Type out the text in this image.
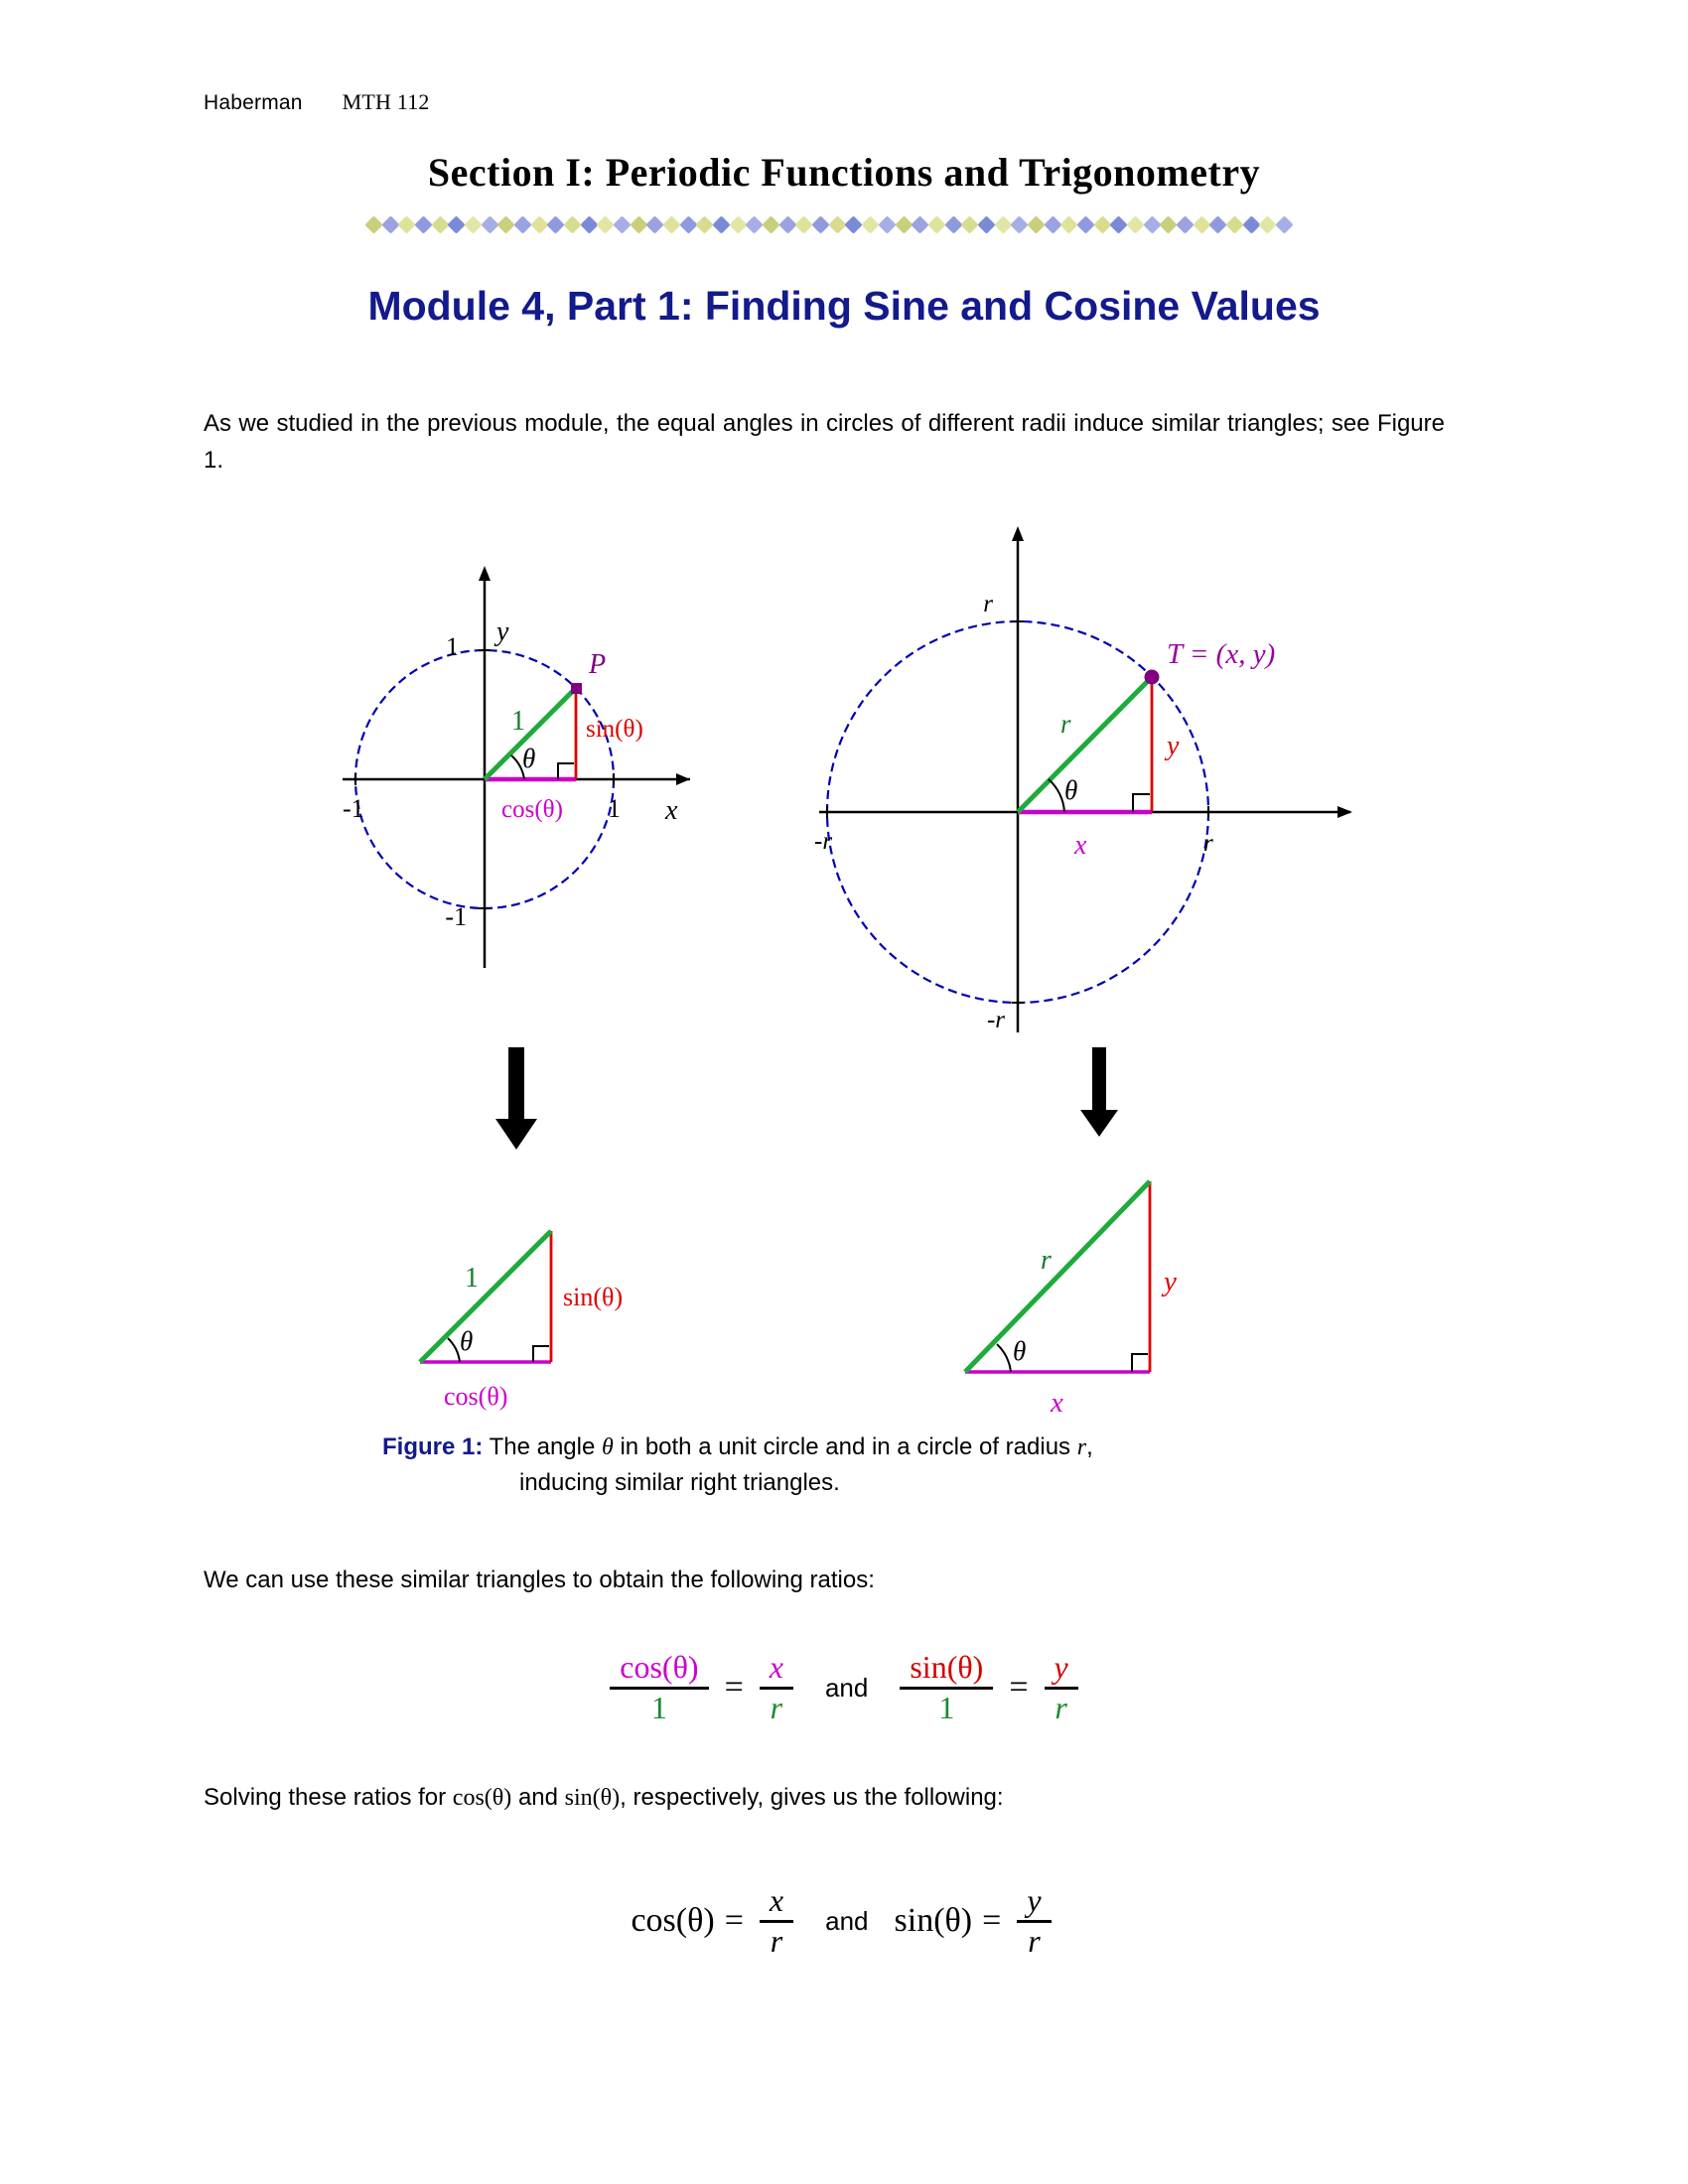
Haberman MTH 112
Section I: Periodic Functions and Trigonometry
Module 4, Part 1: Finding Sine and Cosine Values
As we studied in the previous module, the equal angles in circles of different radii induce similar triangles; see Figure 1.
P
y
x
1
-1
-1	1
1 sin(θ)
cos(θ)
θ
T = (x, y)
r
-r
-r	r
r
y
x
θ
1
sin(θ)
cos(θ)
θ
r
y
x
θ
Figure 1: The angle θ in both a unit circle and in a circle of radius r,
inducing similar right triangles.
We can use these similar triangles to obtain the following ratios:
$\frac{\cos(\theta)}{1} = \frac{x}{r}$ and $\frac{\sin(\theta)}{1} = \frac{y}{r}$
Solving these ratios for cos(θ) and sin(θ), respectively, gives us the following:
$\cos(\theta) = \frac{x}{r}$ and $\sin(\theta) = \frac{y}{r}$
